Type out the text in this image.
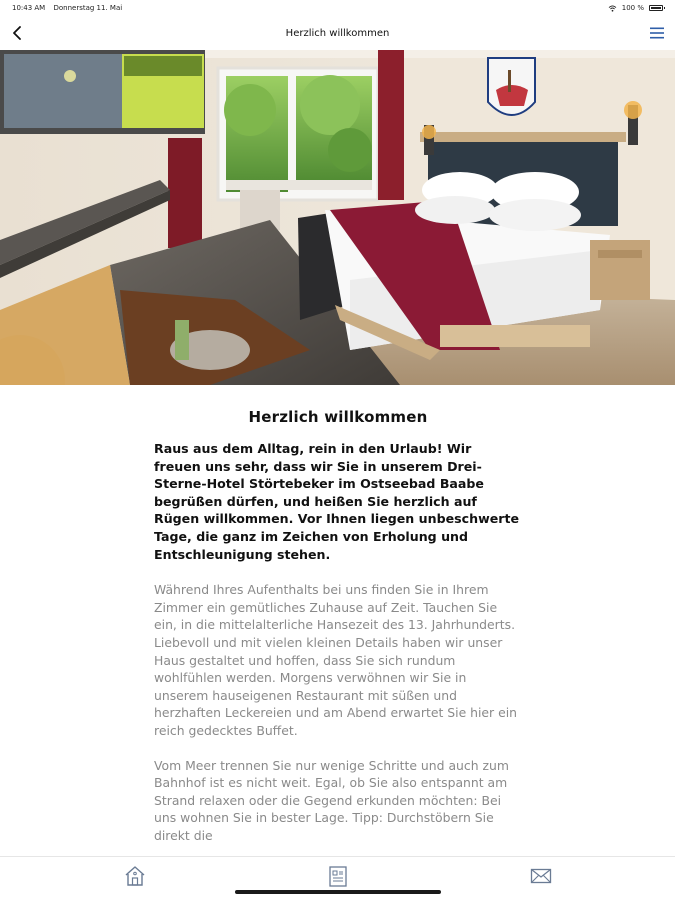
10:43 AM Donnerstag 11. Mai	100 %
Herzlich willkommen
Herzlich willkommen

Raus aus dem Alltag, rein in den Urlaub! Wir freuen uns sehr, dass wir Sie in unserem Drei-Sterne-Hotel Störtebeker im Ostseebad Baabe begrüßen dürfen, und heißen Sie herzlich auf Rügen willkommen. Vor Ihnen liegen unbeschwerte Tage, die ganz im Zeichen von Erholung und Entschleunigung stehen.

Während Ihres Aufenthalts bei uns finden Sie in Ihrem Zimmer ein gemütliches Zuhause auf Zeit. Tauchen Sie ein, in die mittelalterliche Hansezeit des 13. Jahrhunderts. Liebevoll und mit vielen kleinen Details haben wir unser Haus gestaltet und hoffen, dass Sie sich rundum wohlfühlen werden. Morgens verwöhnen wir Sie in unserem hauseigenen Restaurant mit süßen und herzhaften Leckereien und am Abend erwartet Sie hier ein reich gedecktes Buffet.

Vom Meer trennen Sie nur wenige Schritte und auch zum Bahnhof ist es nicht weit. Egal, ob Sie also entspannt am Strand relaxen oder die Gegend erkunden möchten: Bei uns wohnen Sie in bester Lage. Tipp: Durchstöbern Sie direkt die
